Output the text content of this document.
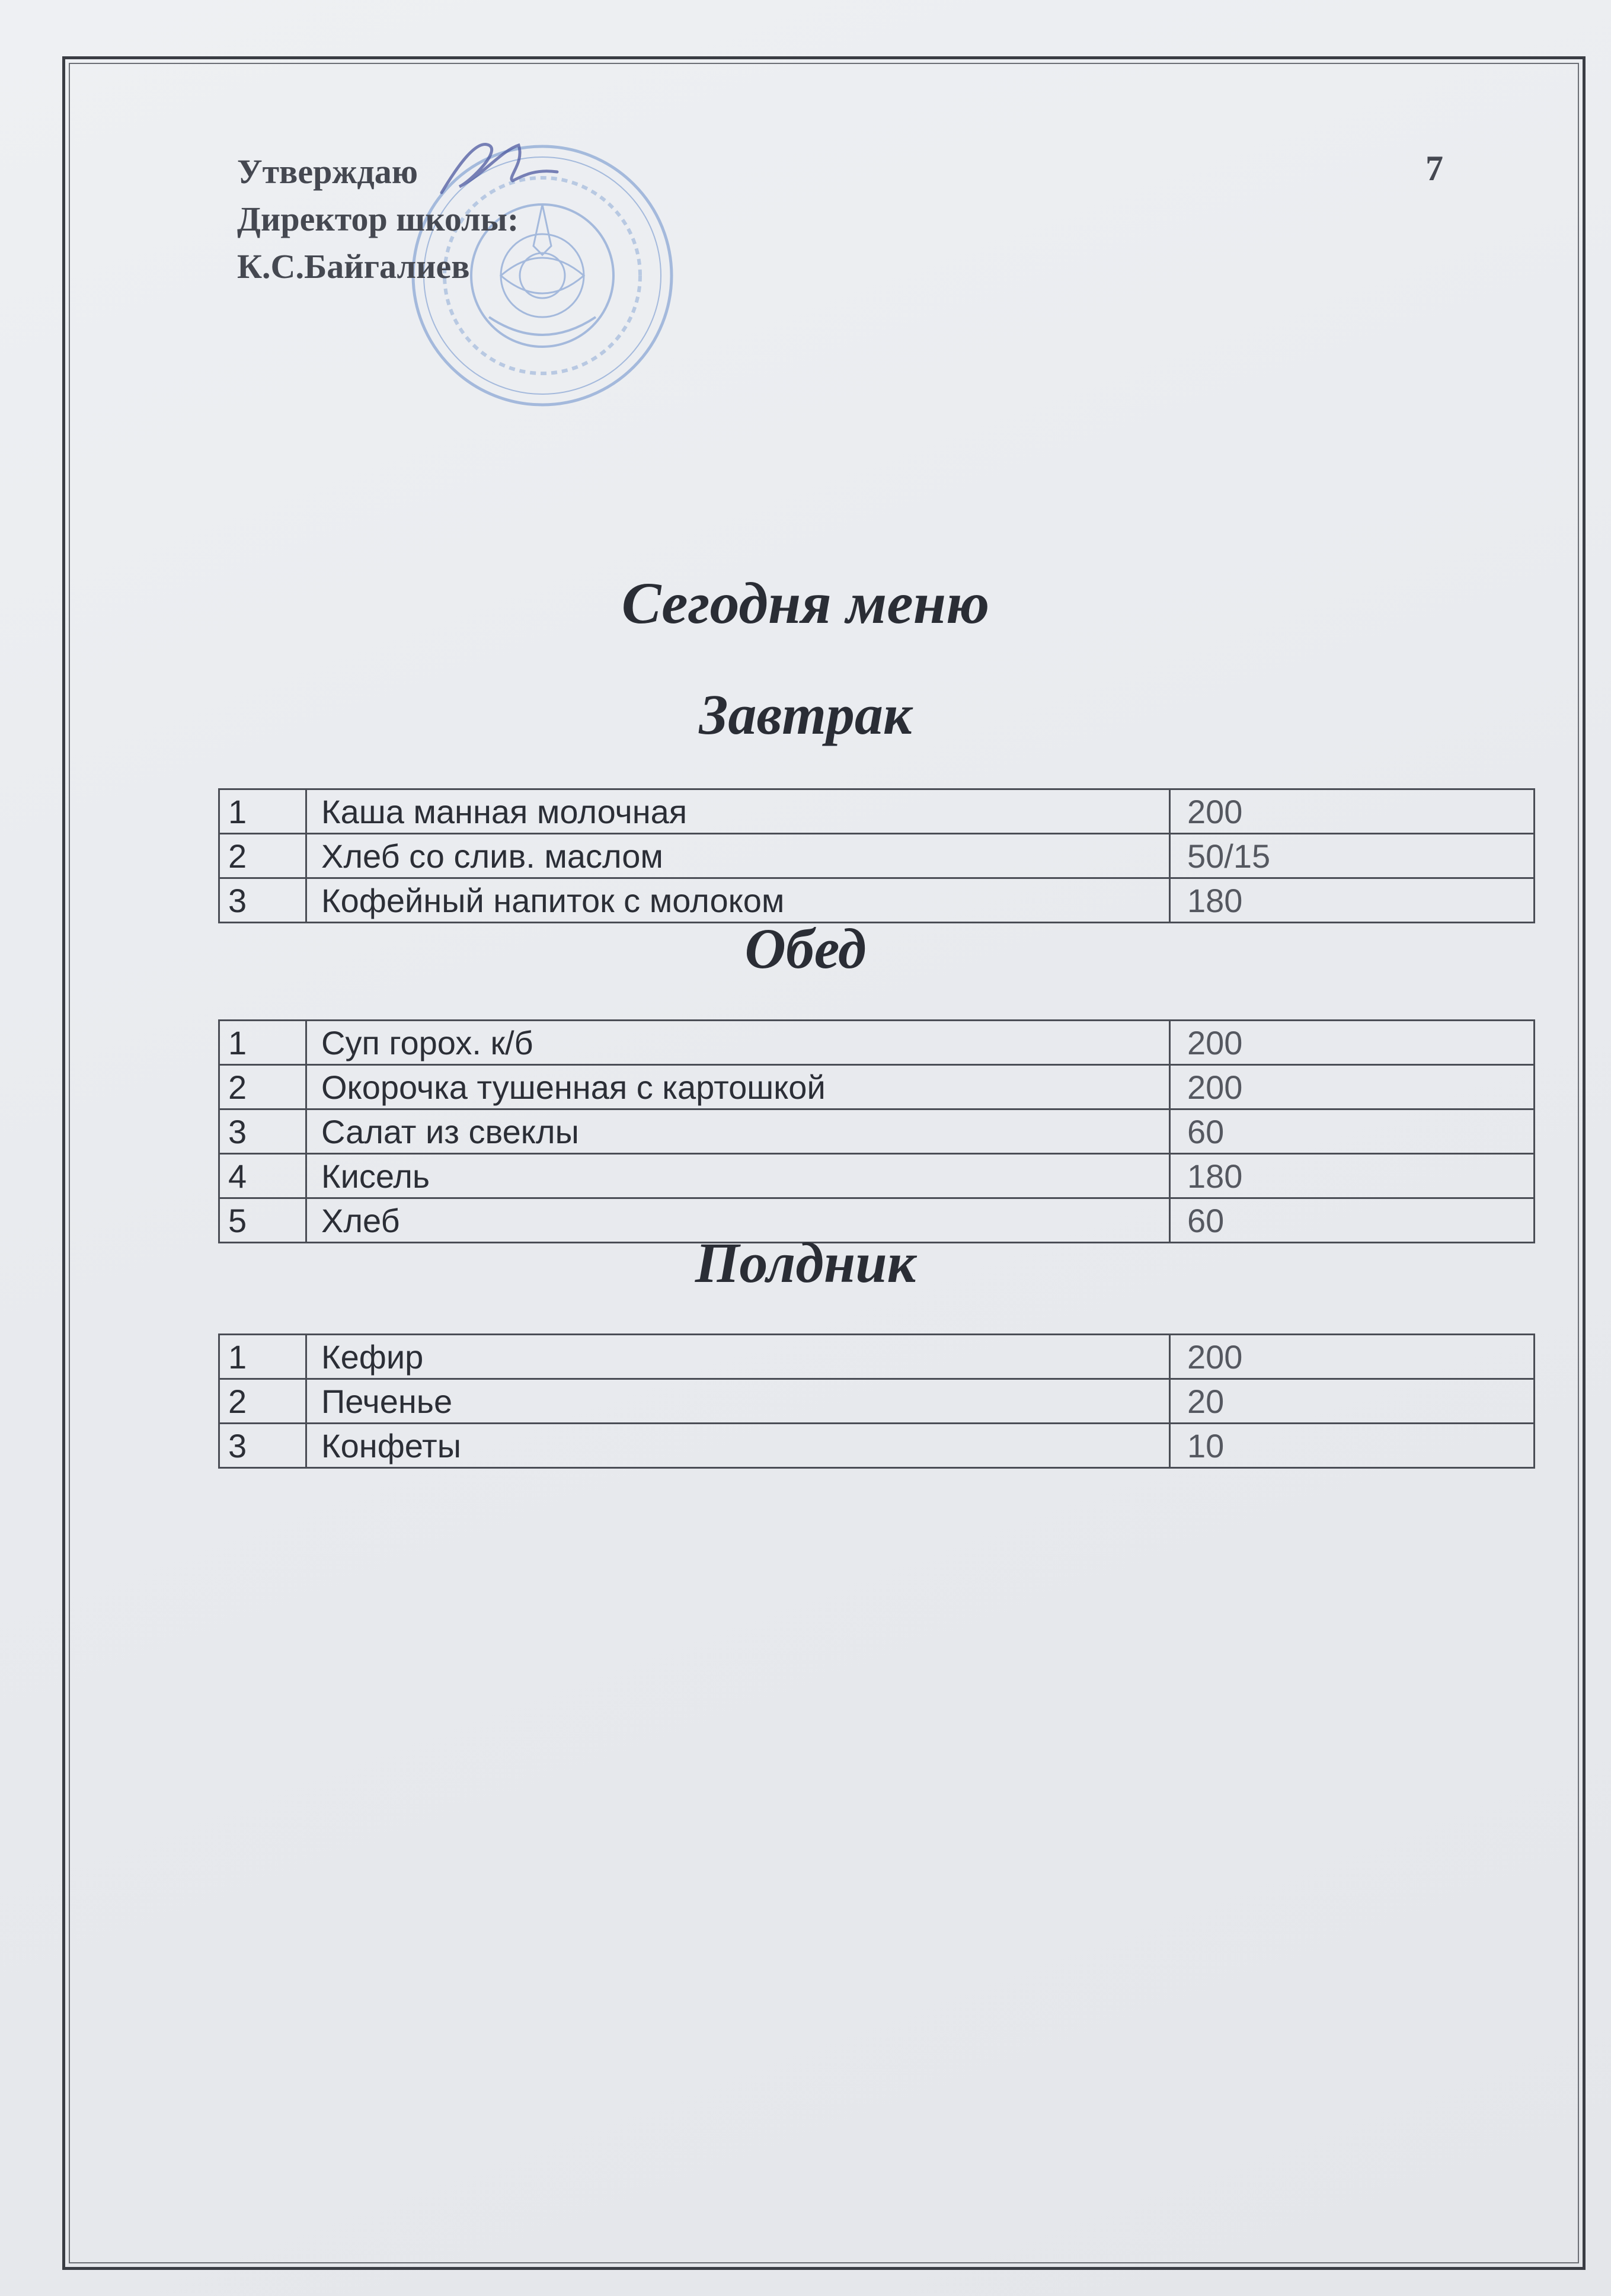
Утверждаю
Директор школы:
К.С.Байгалиев
7
Сегодня меню
Завтрак
1	Каша манная молочная	200
2	Хлеб со слив. маслом	50/15
3	Кофейный напиток с молоком	180
Обед
1	Суп горох. к/б	200
2	Окорочка тушенная с картошкой	200
3	Салат из свеклы	60
4	Кисель	180
5	Хлеб	60
Полдник
1	Кефир	200
2	Печенье	20
3	Конфеты	10
